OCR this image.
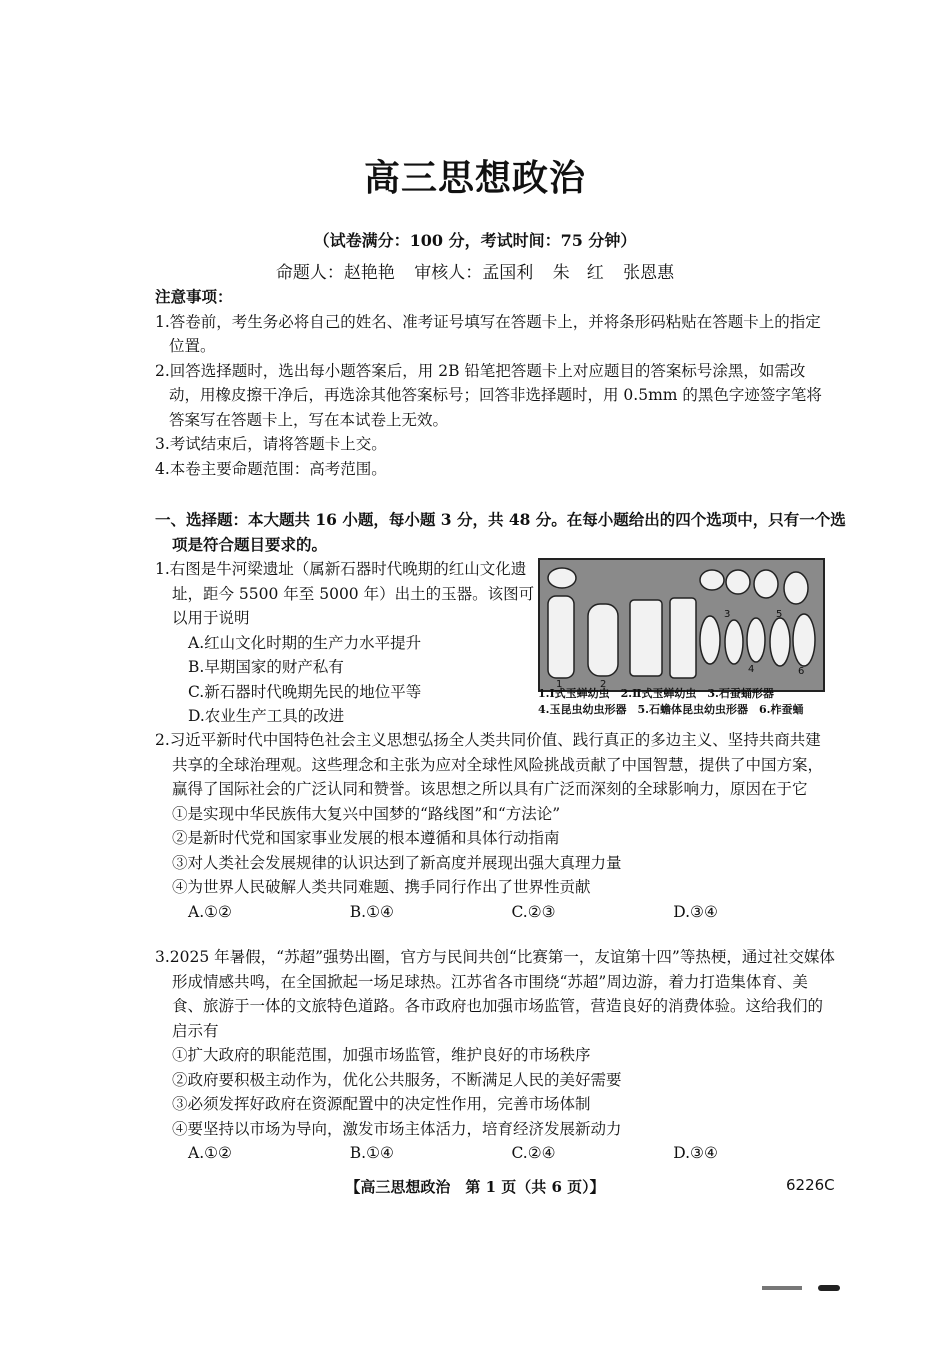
高三思想政治
（试卷满分：100 分，考试时间：75 分钟）
命题人：赵艳艳 审核人：孟国利 朱　红 张恩惠
注意事项：
1.答卷前，考生务必将自己的姓名、准考证号填写在答题卡上，并将条形码粘贴在答题卡上的指定位置。
2.回答选择题时，选出每小题答案后，用 2B 铅笔把答题卡上对应题目的答案标号涂黑，如需改动，用橡皮擦干净后，再选涂其他答案标号；回答非选择题时，用 0.5mm 的黑色字迹签字笔将答案写在答题卡上，写在本试卷上无效。
3.考试结束后，请将答题卡上交。
4.本卷主要命题范围：高考范围。
一、选择题：本大题共 16 小题，每小题 3 分，共 48 分。在每小题给出的四个选项中，只有一个选项是符合题目要求的。
1.右图是牛河梁遗址（属新石器时代晚期的红山文化遗址，距今 5500 年至 5000 年）出土的玉器。该图可以用于说明
A.红山文化时期的生产力水平提升
B.早期国家的财产私有
C.新石器时代晚期先民的地位平等
D.农业生产工具的改进
1	2
3
4
5
6
1.Ⅰ式玉蝉幼虫　2.Ⅱ式玉蝉幼虫　3.石蚕蛹形器
4.玉昆虫幼虫形器　5.石蟾体昆虫幼虫形器　6.柞蚕蛹
2.习近平新时代中国特色社会主义思想弘扬全人类共同价值、践行真正的多边主义、坚持共商共建共享的全球治理观。这些理念和主张为应对全球性风险挑战贡献了中国智慧，提供了中国方案，赢得了国际社会的广泛认同和赞誉。该思想之所以具有广泛而深刻的全球影响力，原因在于它
①是实现中华民族伟大复兴中国梦的“路线图”和“方法论”
②是新时代党和国家事业发展的根本遵循和具体行动指南
③对人类社会发展规律的认识达到了新高度并展现出强大真理力量
④为世界人民破解人类共同难题、携手同行作出了世界性贡献
A.①②	B.①④	C.②③	D.③④
3.2025 年暑假，“苏超”强势出圈，官方与民间共创“比赛第一，友谊第十四”等热梗，通过社交媒体形成情感共鸣，在全国掀起一场足球热。江苏省各市围绕“苏超”周边游，着力打造集体育、美食、旅游于一体的文旅特色道路。各市政府也加强市场监管，营造良好的消费体验。这给我们的启示有
①扩大政府的职能范围，加强市场监管，维护良好的市场秩序
②政府要积极主动作为，优化公共服务，不断满足人民的美好需要
③必须发挥好政府在资源配置中的决定性作用，完善市场体制
④要坚持以市场为导向，激发市场主体活力，培育经济发展新动力
A.①②	B.①④	C.②④	D.③④
【高三思想政治　第 1 页（共 6 页）】	6226C
